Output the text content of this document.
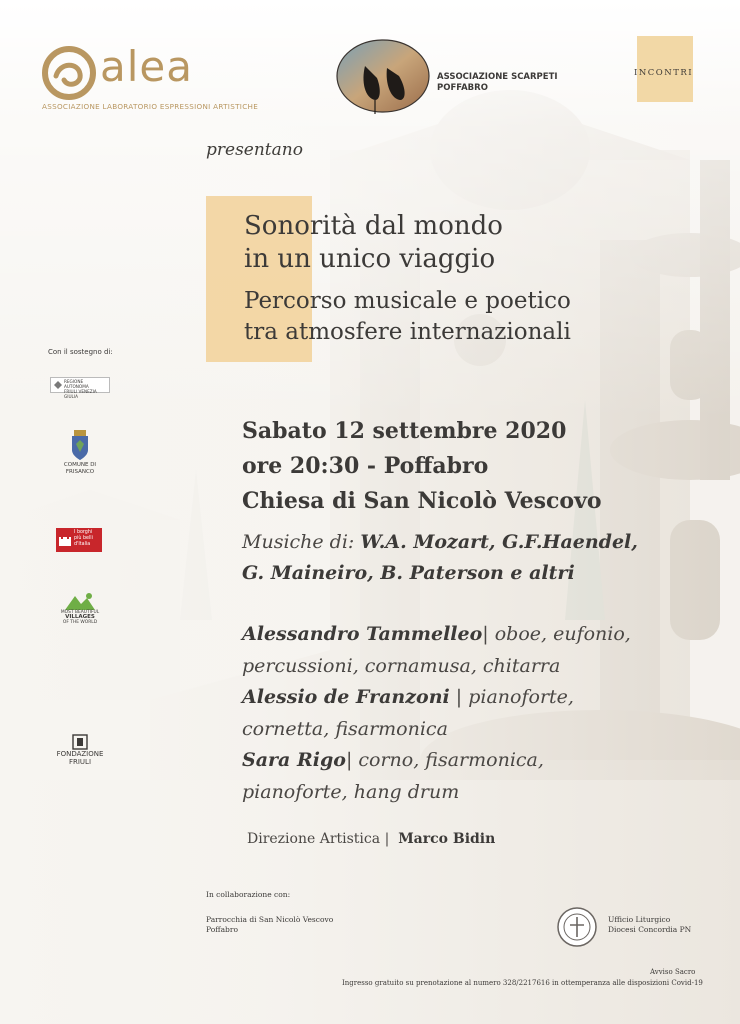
alea
ASSOCIAZIONE LABORATORIO ESPRESSIONI ARTISTICHE
ASSOCIAZIONE SCARPETI
POFFABRO
INCONTRI
presentano
Sonorità dal mondo
in un unico viaggio
Percorso musicale e poetico
tra atmosfere internazionali
Sabato 12 settembre 2020
ore 20:30 - Poffabro
Chiesa di San Nicolò Vescovo
Musiche di: W.A. Mozart, G.F.Haendel,
G. Maineiro, B. Paterson e altri
Alessandro Tammelleo| oboe, eufonio,
percussioni, cornamusa, chitarra
Alessio de Franzoni | pianoforte,
cornetta, fisarmonica
Sara Rigo| corno, fisarmonica,
pianoforte, hang drum
Direzione Artistica | Marco Bidin
Con il sostegno di:
REGIONE AUTONOMA
FRIULI VENEZIA GIULIA
COMUNE DI
FRISANCO
I borghi
più belli
d'Italia
MOST BEAUTIFUL
VILLAGES
OF THE WORLD
FONDAZIONE
FRIULI
In collaborazione con:
Parrocchia di San Nicolò Vescovo
Poffabro
Ufficio Liturgico
Diocesi Concordia PN
Avviso Sacro
Ingresso gratuito su prenotazione al numero 328/2217616 in ottemperanza alle disposizioni Covid-19
